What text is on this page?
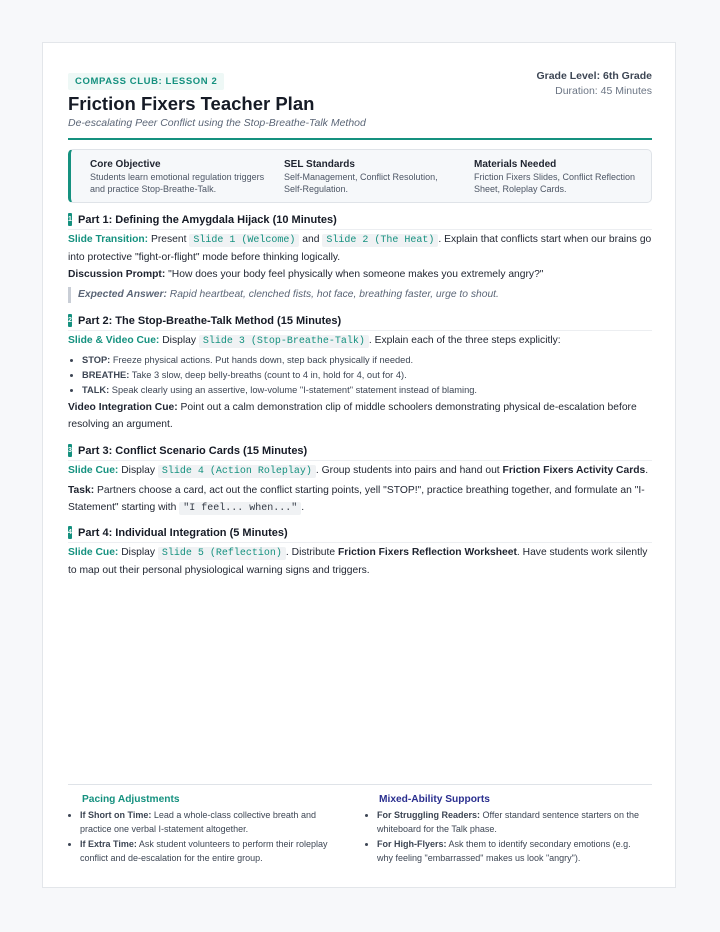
COMPASS CLUB: LESSON 2
Friction Fixers Teacher Plan
De-escalating Peer Conflict using the Stop-Breathe-Talk Method
Grade Level: 6th Grade
Duration: 45 Minutes
Core Objective
Students learn emotional regulation triggers and practice Stop-Breathe-Talk.
SEL Standards
Self-Management, Conflict Resolution, Self-Regulation.
Materials Needed
Friction Fixers Slides, Conflict Reflection Sheet, Roleplay Cards.
1 Part 1: Defining the Amygdala Hijack (10 Minutes)
Slide Transition: Present Slide 1 (Welcome) and Slide 2 (The Heat) . Explain that conflicts start when our brains go into protective "fight-or-flight" mode before thinking logically.
Discussion Prompt: "How does your body feel physically when someone makes you extremely angry?"
Expected Answer: Rapid heartbeat, clenched fists, hot face, breathing faster, urge to shout.
2 Part 2: The Stop-Breathe-Talk Method (15 Minutes)
Slide & Video Cue: Display Slide 3 (Stop-Breathe-Talk) . Explain each of the three steps explicitly:
• STOP: Freeze physical actions. Put hands down, step back physically if needed.
• BREATHE: Take 3 slow, deep belly-breaths (count to 4 in, hold for 4, out for 4).
• TALK: Speak clearly using an assertive, low-volume "I-statement" statement instead of blaming.
Video Integration Cue: Point out a calm demonstration clip of middle schoolers demonstrating physical de-escalation before resolving an argument.
3 Part 3: Conflict Scenario Cards (15 Minutes)
Slide Cue: Display Slide 4 (Action Roleplay) . Group students into pairs and hand out Friction Fixers Activity Cards.
Task: Partners choose a card, act out the conflict starting points, yell "STOP!", practice breathing together, and formulate an "I-Statement" starting with "I feel... when..." .
4 Part 4: Individual Integration (5 Minutes)
Slide Cue: Display Slide 5 (Reflection) . Distribute Friction Fixers Reflection Worksheet. Have students work silently to map out their personal physiological warning signs and triggers.
Pacing Adjustments
• If Short on Time: Lead a whole-class collective breath and practice one verbal I-statement altogether.
• If Extra Time: Ask student volunteers to perform their roleplay conflict and de-escalation for the entire group.
Mixed-Ability Supports
• For Struggling Readers: Offer standard sentence starters on the whiteboard for the Talk phase.
• For High-Flyers: Ask them to identify secondary emotions (e.g. why feeling "embarrassed" makes us look "angry").
